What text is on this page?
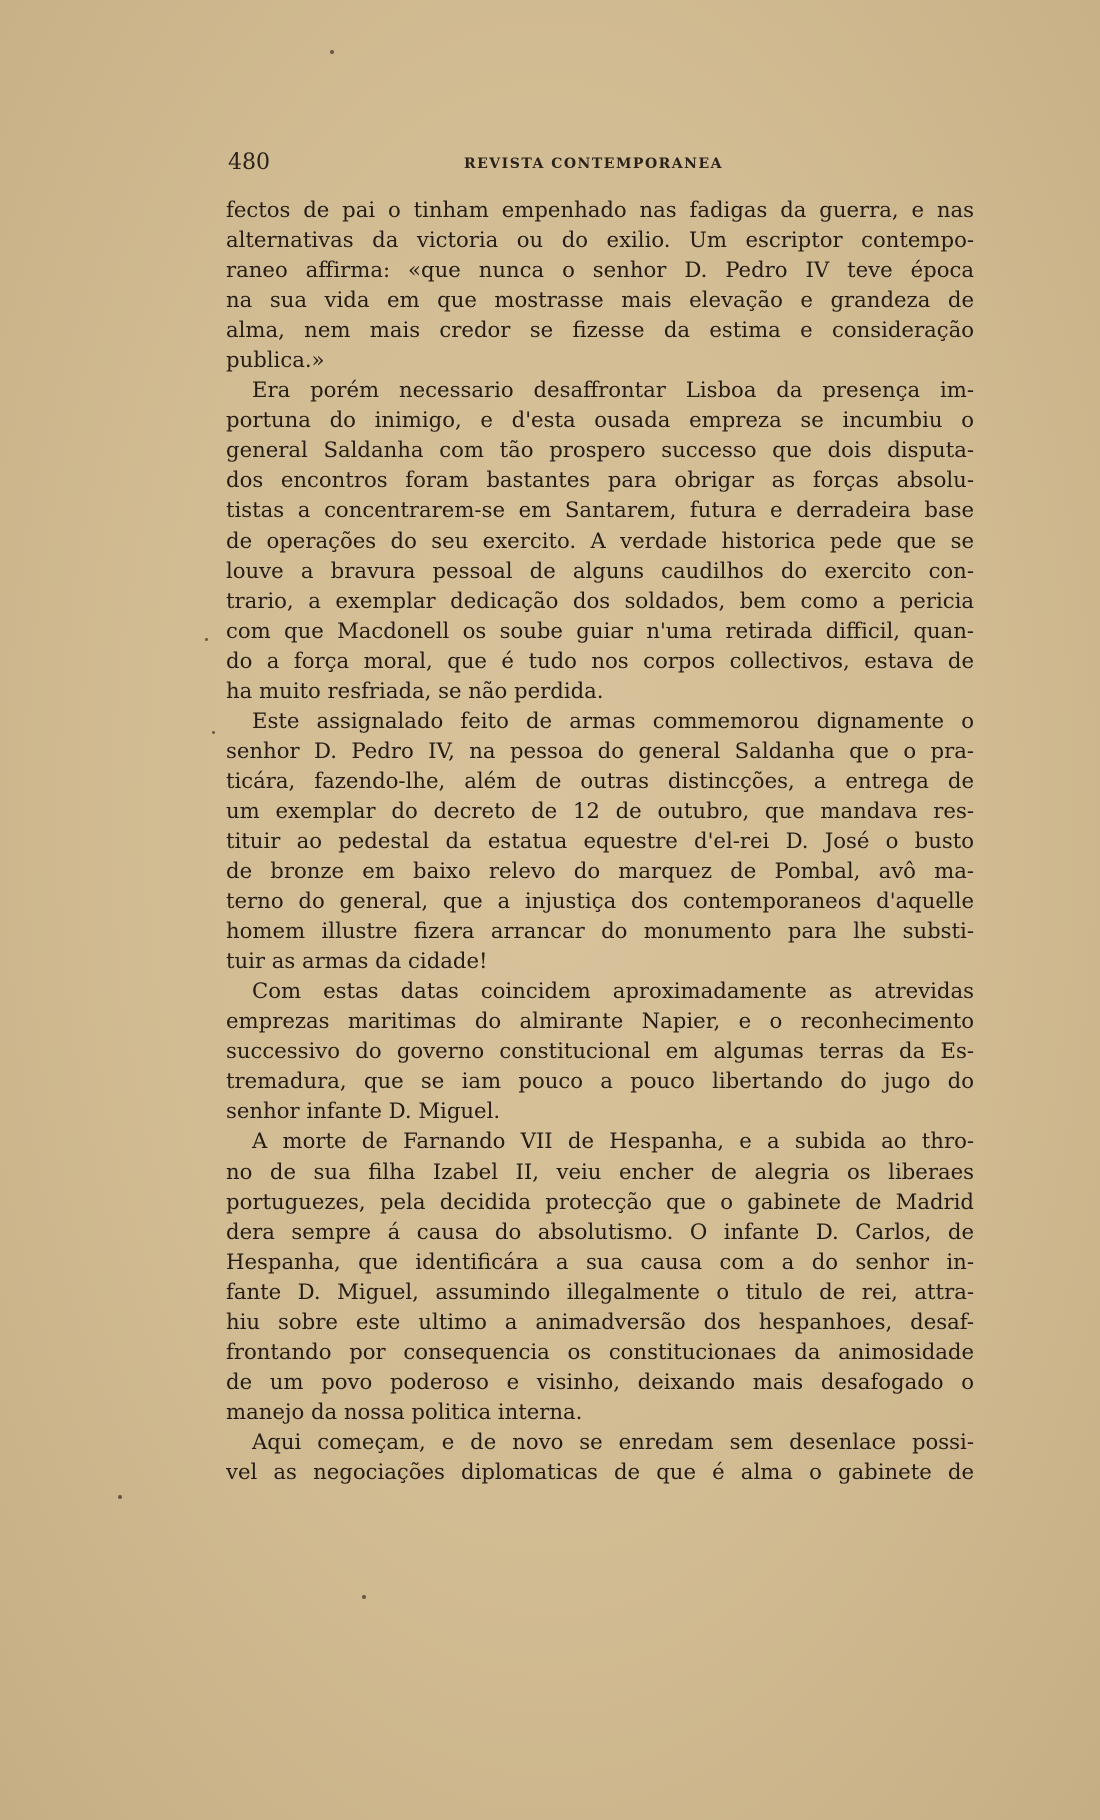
480	REVISTA CONTEMPORANEA
fectos de pai o tinham empenhado nas fadigas da guerra, e nas
alternativas da victoria ou do exilio. Um escriptor contempo-
raneo affirma: «que nunca o senhor D. Pedro IV teve época
na sua vida em que mostrasse mais elevação e grandeza de
alma, nem mais credor se fizesse da estima e consideração
publica.»
Era porém necessario desaffrontar Lisboa da presença im-
portuna do inimigo, e d'esta ousada empreza se incumbiu o
general Saldanha com tão prospero successo que dois disputa-
dos encontros foram bastantes para obrigar as forças absolu-
tistas a concentrarem-se em Santarem, futura e derradeira base
de operações do seu exercito. A verdade historica pede que se
louve a bravura pessoal de alguns caudilhos do exercito con-
trario, a exemplar dedicação dos soldados, bem como a pericia
com que Macdonell os soube guiar n'uma retirada difficil, quan-
do a força moral, que é tudo nos corpos collectivos, estava de
ha muito resfriada, se não perdida.
Este assignalado feito de armas commemorou dignamente o
senhor D. Pedro IV, na pessoa do general Saldanha que o pra-
ticára, fazendo-lhe, além de outras distincções, a entrega de
um exemplar do decreto de 12 de outubro, que mandava res-
tituir ao pedestal da estatua equestre d'el-rei D. José o busto
de bronze em baixo relevo do marquez de Pombal, avô ma-
terno do general, que a injustiça dos contemporaneos d'aquelle
homem illustre fizera arrancar do monumento para lhe substi-
tuir as armas da cidade!
Com estas datas coincidem aproximadamente as atrevidas
emprezas maritimas do almirante Napier, e o reconhecimento
successivo do governo constitucional em algumas terras da Es-
tremadura, que se iam pouco a pouco libertando do jugo do
senhor infante D. Miguel.
A morte de Farnando VII de Hespanha, e a subida ao thro-
no de sua filha Izabel II, veiu encher de alegria os liberaes
portuguezes, pela decidida protecção que o gabinete de Madrid
dera sempre á causa do absolutismo. O infante D. Carlos, de
Hespanha, que identificára a sua causa com a do senhor in-
fante D. Miguel, assumindo illegalmente o titulo de rei, attra-
hiu sobre este ultimo a animadversão dos hespanhoes, desaf-
frontando por consequencia os constitucionaes da animosidade
de um povo poderoso e visinho, deixando mais desafogado o
manejo da nossa politica interna.
Aqui começam, e de novo se enredam sem desenlace possi-
vel as negociações diplomaticas de que é alma o gabinete de
